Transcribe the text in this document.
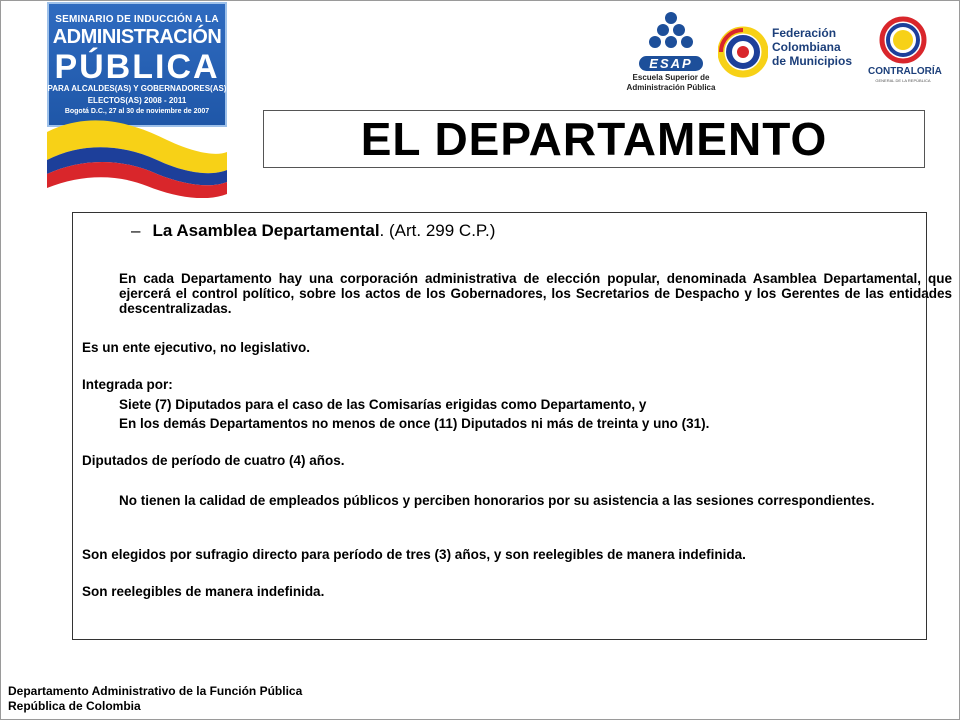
SEMINARIO DE INDUCCIÓN A LA
ADMINISTRACIÓN
PÚBLICA
PARA ALCALDES(AS) Y GOBERNADORES(AS)
ELECTOS(AS) 2008 - 2011
Bogotá D.C., 27 al 30 de noviembre de 2007
ESAP
Escuela Superior de
Administración Pública
Federación
Colombiana
de Municipios
CONTRALORÍA
GENERAL DE LA REPÚBLICA
EL DEPARTAMENTO
– La Asamblea Departamental. (Art. 299 C.P.)
En cada Departamento hay una corporación administrativa de elección popular, denominada Asamblea Departamental, que ejercerá el control político, sobre los actos de los Gobernadores, los Secretarios de Despacho y los Gerentes de las entidades descentralizadas.
Es un ente ejecutivo, no legislativo.
Integrada por:
Siete (7) Diputados para el caso de las Comisarías erigidas como Departamento, y
En los demás Departamentos no menos de once (11) Diputados ni más de treinta y uno (31).
Diputados de período de cuatro (4) años.
No tienen la calidad de empleados públicos y perciben honorarios por su asistencia a las sesiones correspondientes.
Son elegidos por sufragio directo para período de tres (3) años, y son reelegibles de manera indefinida.
Son reelegibles de manera indefinida.
Departamento Administrativo de la Función Pública
República de Colombia
